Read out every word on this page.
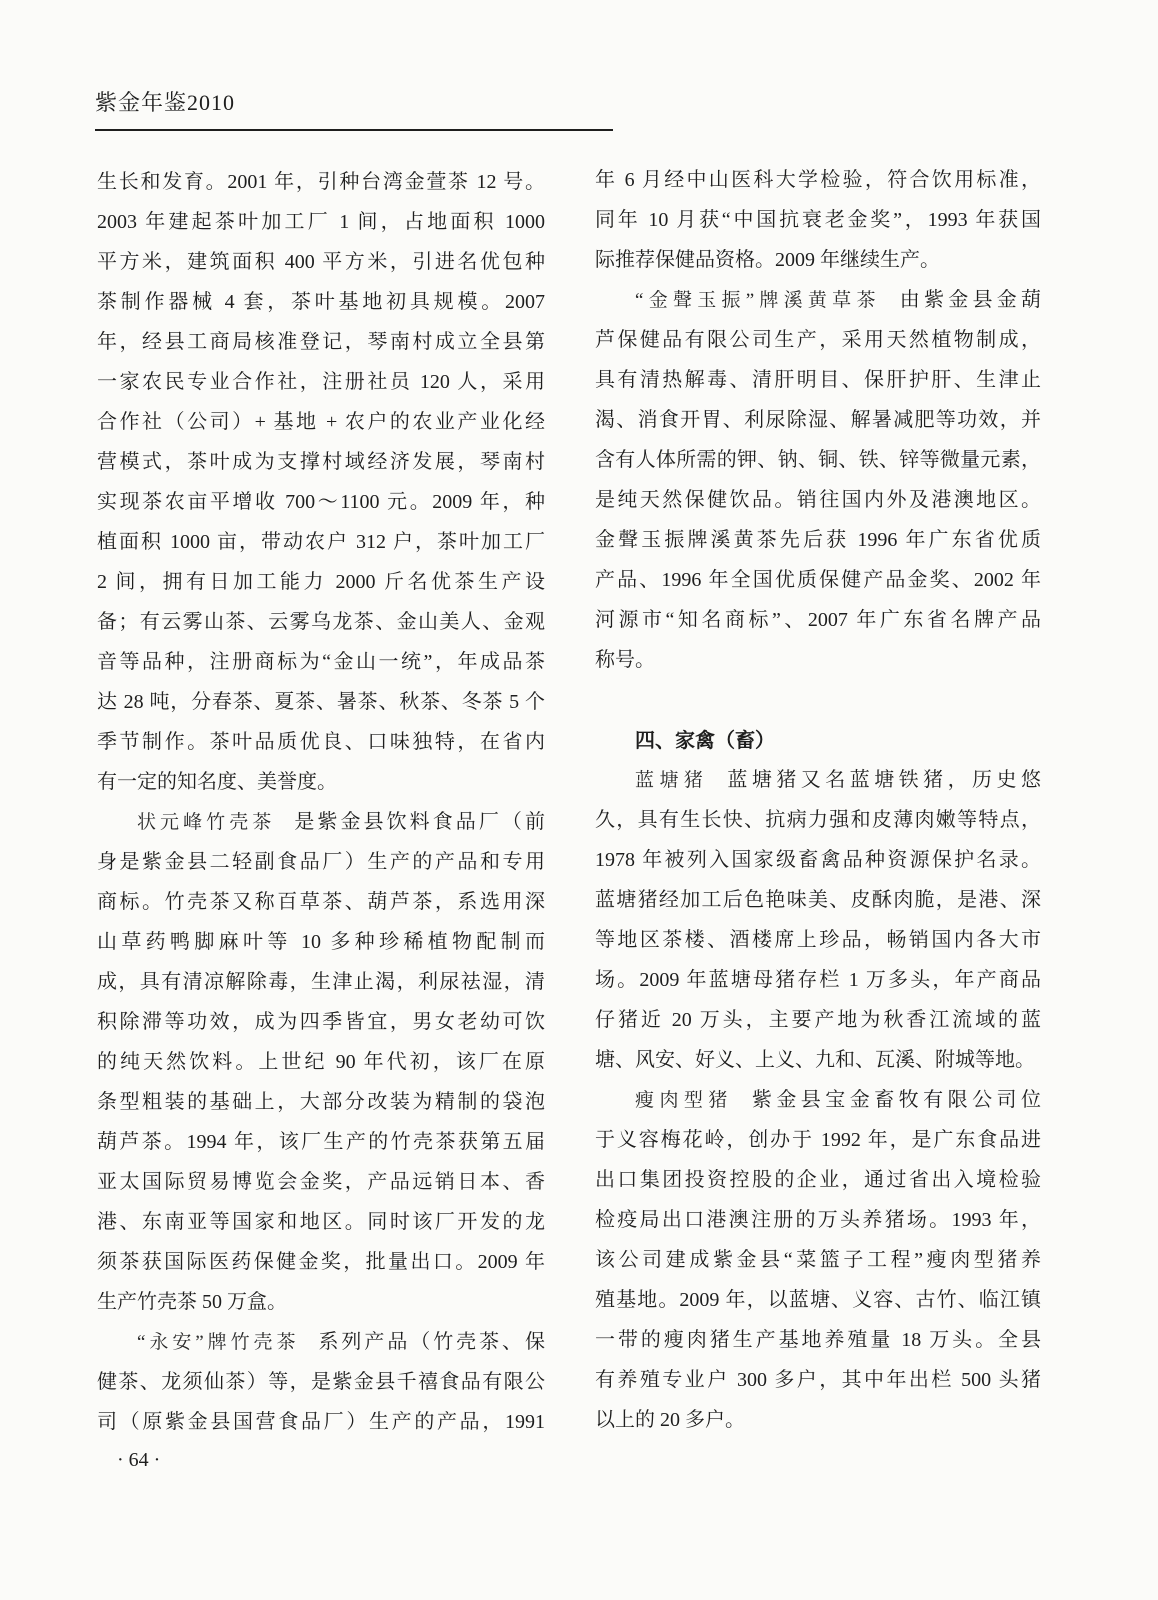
紫金年鉴2010
生长和发育。2001 年，引种台湾金萱茶 12 号。
2003 年建起茶叶加工厂 1 间，占地面积 1000
平方米，建筑面积 400 平方米，引进名优包种
茶制作器械 4 套，茶叶基地初具规模。2007
年，经县工商局核准登记，琴南村成立全县第
一家农民专业合作社，注册社员 120 人，采用
合作社（公司）+ 基地 + 农户的农业产业化经
营模式，茶叶成为支撑村域经济发展，琴南村
实现茶农亩平增收 700～1100 元。2009 年，种
植面积 1000 亩，带动农户 312 户，茶叶加工厂
2 间，拥有日加工能力 2000 斤名优茶生产设
备；有云雾山茶、云雾乌龙茶、金山美人、金观
音等品种，注册商标为“金山一统”，年成品茶
达 28 吨，分春茶、夏茶、暑茶、秋茶、冬茶 5 个
季节制作。茶叶品质优良、口味独特，在省内
有一定的知名度、美誉度。
状元峰竹壳茶 是紫金县饮料食品厂（前
身是紫金县二轻副食品厂）生产的产品和专用
商标。竹壳茶又称百草茶、葫芦茶，系选用深
山草药鸭脚麻叶等 10 多种珍稀植物配制而
成，具有清凉解除毒，生津止渴，利尿祛湿，清
积除滞等功效，成为四季皆宜，男女老幼可饮
的纯天然饮料。上世纪 90 年代初，该厂在原
条型粗装的基础上，大部分改装为精制的袋泡
葫芦茶。1994 年，该厂生产的竹壳茶获第五届
亚太国际贸易博览会金奖，产品远销日本、香
港、东南亚等国家和地区。同时该厂开发的龙
须茶获国际医药保健金奖，批量出口。2009 年
生产竹壳茶 50 万盒。
“永安”牌竹壳茶 系列产品（竹壳茶、保
健茶、龙须仙茶）等，是紫金县千禧食品有限公
司（原紫金县国营食品厂）生产的产品，1991
年 6 月经中山医科大学检验，符合饮用标准，
同年 10 月获“中国抗衰老金奖”，1993 年获国
际推荐保健品资格。2009 年继续生产。
“金聲玉振”牌溪黄草茶 由紫金县金葫
芦保健品有限公司生产，采用天然植物制成，
具有清热解毒、清肝明目、保肝护肝、生津止
渴、消食开胃、利尿除湿、解暑减肥等功效，并
含有人体所需的钾、钠、铜、铁、锌等微量元素，
是纯天然保健饮品。销往国内外及港澳地区。
金聲玉振牌溪黄茶先后获 1996 年广东省优质
产品、1996 年全国优质保健产品金奖、2002 年
河源市“知名商标”、2007 年广东省名牌产品
称号。
四、家禽（畜）
蓝塘猪 蓝塘猪又名蓝塘铁猪，历史悠
久，具有生长快、抗病力强和皮薄肉嫩等特点，
1978 年被列入国家级畜禽品种资源保护名录。
蓝塘猪经加工后色艳味美、皮酥肉脆，是港、深
等地区茶楼、酒楼席上珍品，畅销国内各大市
场。2009 年蓝塘母猪存栏 1 万多头，年产商品
仔猪近 20 万头，主要产地为秋香江流域的蓝
塘、风安、好义、上义、九和、瓦溪、附城等地。
瘦肉型猪 紫金县宝金畜牧有限公司位
于义容梅花岭，创办于 1992 年，是广东食品进
出口集团投资控股的企业，通过省出入境检验
检疫局出口港澳注册的万头养猪场。1993 年，
该公司建成紫金县“菜篮子工程”瘦肉型猪养
殖基地。2009 年，以蓝塘、义容、古竹、临江镇
一带的瘦肉猪生产基地养殖量 18 万头。全县
有养殖专业户 300 多户，其中年出栏 500 头猪
以上的 20 多户。
· 64 ·
